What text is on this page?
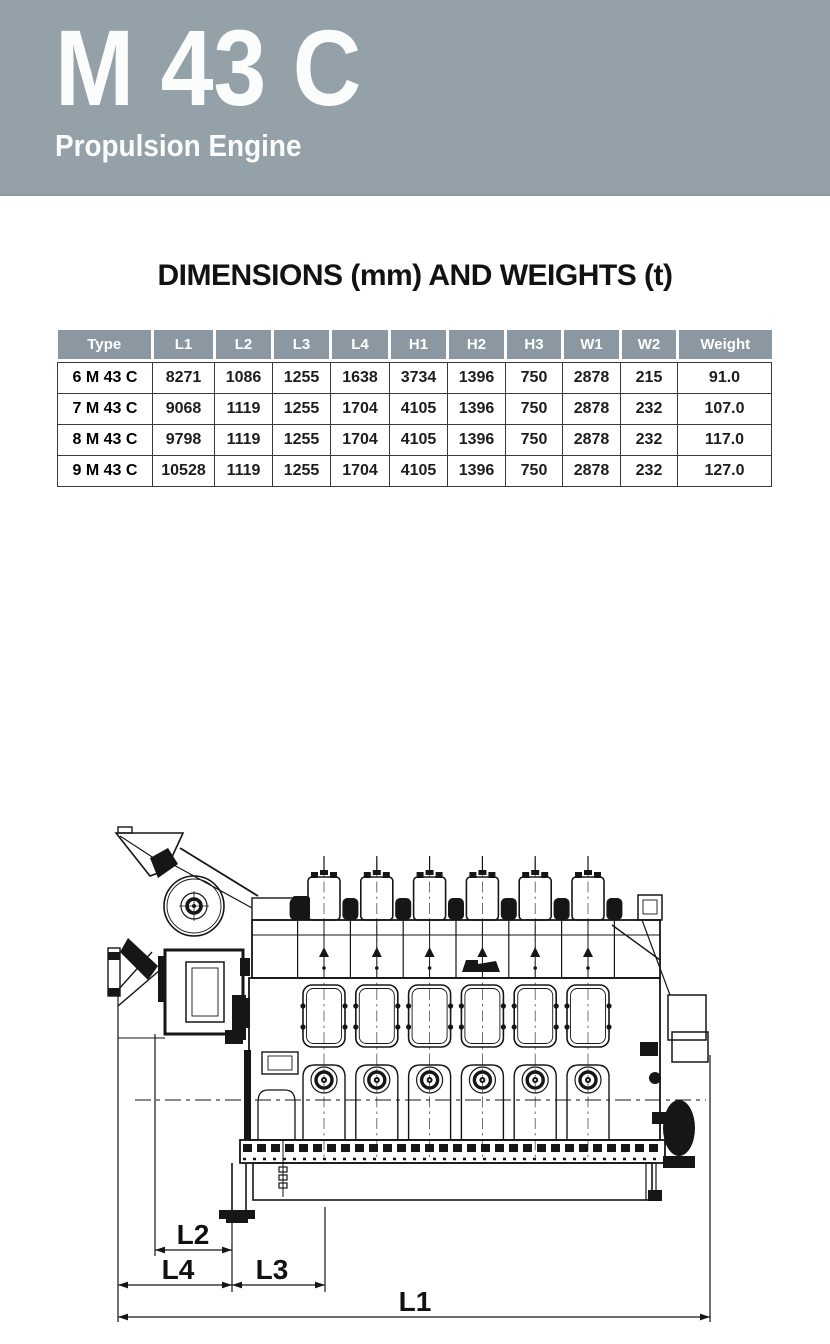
M 43 C
Propulsion Engine
DIMENSIONS (mm) AND WEIGHTS (t)
Type	L1	L2	L3	L4	H1	H2	H3	W1	W2	Weight

6 M 43 C	8271	1086	1255	1638	3734	1396	750	2878	215	91.0
7 M 43 C	9068	1119	1255	1704	4105	1396	750	2878	232	107.0
8 M 43 C	9798	1119	1255	1704	4105	1396	750	2878	232	117.0
9 M 43 C	10528	1119	1255	1704	4105	1396	750	2878	232	127.0
L2
L4 L3
L1
